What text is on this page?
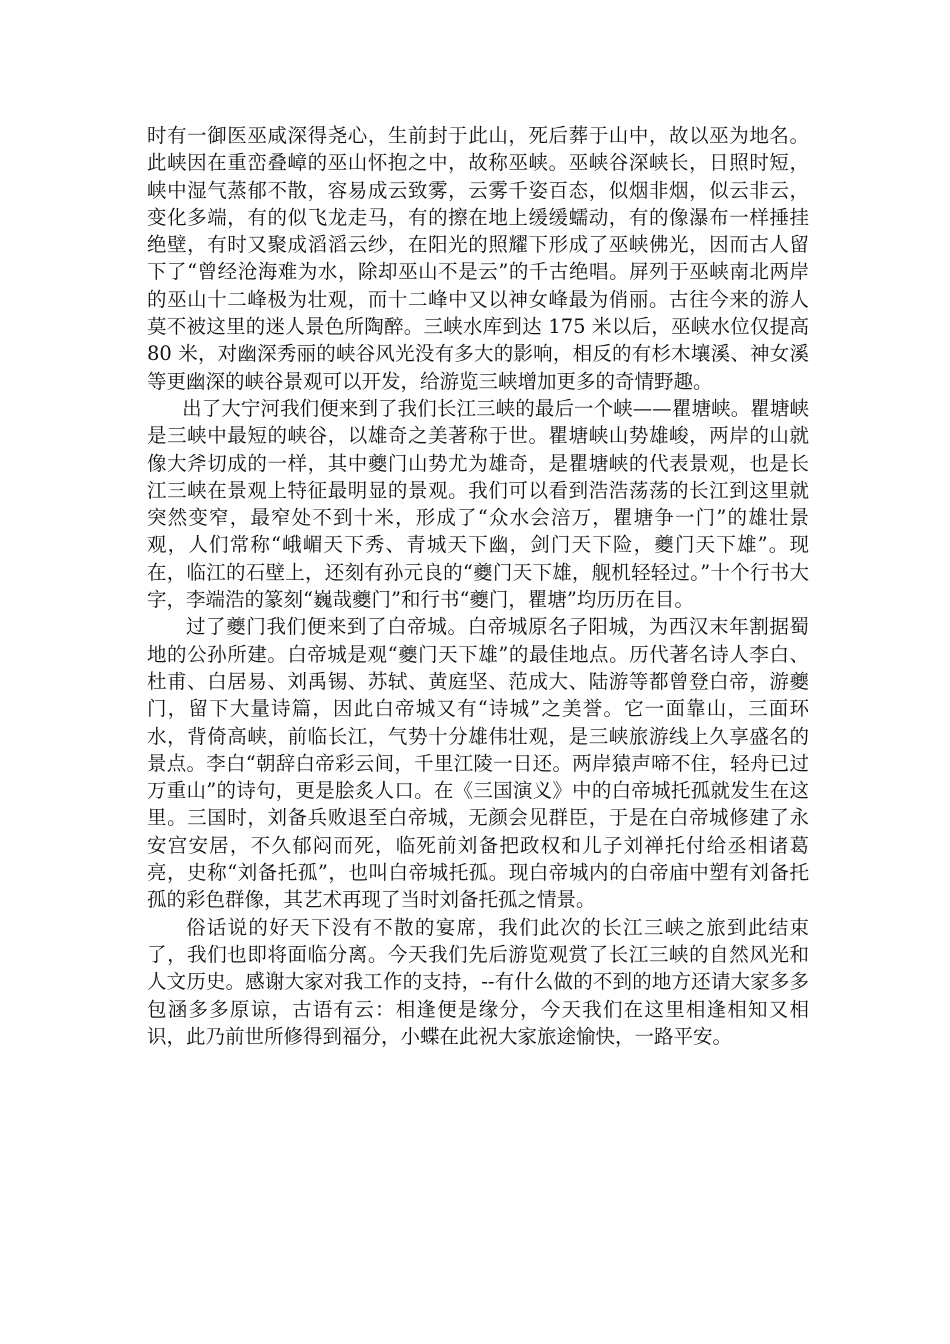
时有一御医巫咸深得尧心，生前封于此山，死后葬于山中，故以巫为地名。此峡因在重峦叠嶂的巫山怀抱之中，故称巫峡。巫峡谷深峡长，日照时短，峡中湿气蒸郁不散，容易成云致雾，云雾千姿百态，似烟非烟，似云非云，变化多端，有的似飞龙走马，有的擦在地上缓缓蠕动，有的像瀑布一样捶挂绝壁，有时又聚成滔滔云纱，在阳光的照耀下形成了巫峡佛光，因而古人留下了“曾经沧海难为水，除却巫山不是云”的千古绝唱。屏列于巫峡南北两岸的巫山十二峰极为壮观，而十二峰中又以神女峰最为俏丽。古往今来的游人莫不被这里的迷人景色所陶醉。三峡水库到达 175 米以后，巫峡水位仅提高 80 米，对幽深秀丽的峡谷风光没有多大的影响，相反的有杉木壤溪、神女溪等更幽深的峡谷景观可以开发，给游览三峡增加更多的奇情野趣。

出了大宁河我们便来到了我们长江三峡的最后一个峡——瞿塘峡。瞿塘峡是三峡中最短的峡谷，以雄奇之美著称于世。瞿塘峡山势雄峻，两岸的山就像大斧切成的一样，其中夔门山势尤为雄奇，是瞿塘峡的代表景观，也是长江三峡在景观上特征最明显的景观。我们可以看到浩浩荡荡的长江到这里就突然变窄，最窄处不到十米，形成了“众水会涪万，瞿塘争一门”的雄壮景观，人们常称“峨嵋天下秀、青城天下幽，剑门天下险，夔门天下雄”。现在，临江的石壁上，还刻有孙元良的“夔门天下雄，舰机轻轻过。”十个行书大字，李端浩的篆刻“巍哉夔门”和行书“夔门，瞿塘”均历历在目。

过了夔门我们便来到了白帝城。白帝城原名子阳城，为西汉末年割据蜀地的公孙所建。白帝城是观“夔门天下雄”的最佳地点。历代著名诗人李白、杜甫、白居易、刘禹锡、苏轼、黄庭坚、范成大、陆游等都曾登白帝，游夔门，留下大量诗篇，因此白帝城又有“诗城”之美誉。它一面靠山，三面环水，背倚高峡，前临长江，气势十分雄伟壮观，是三峡旅游线上久享盛名的景点。李白“朝辞白帝彩云间，千里江陵一日还。两岸猿声啼不住，轻舟已过万重山”的诗句，更是脍炙人口。在《三国演义》中的白帝城托孤就发生在这里。三国时，刘备兵败退至白帝城，无颜会见群臣，于是在白帝城修建了永安宫安居，不久郁闷而死，临死前刘备把政权和儿子刘禅托付给丞相诸葛亮，史称“刘备托孤”，也叫白帝城托孤。现白帝城内的白帝庙中塑有刘备托孤的彩色群像，其艺术再现了当时刘备托孤之情景。

俗话说的好天下没有不散的宴席，我们此次的长江三峡之旅到此结束了，我们也即将面临分离。今天我们先后游览观赏了长江三峡的自然风光和人文历史。感谢大家对我工作的支持，--有什么做的不到的地方还请大家多多包涵多多原谅，古语有云：相逢便是缘分，今天我们在这里相逢相知又相识，此乃前世所修得到福分，小蝶在此祝大家旅途愉快，一路平安。
